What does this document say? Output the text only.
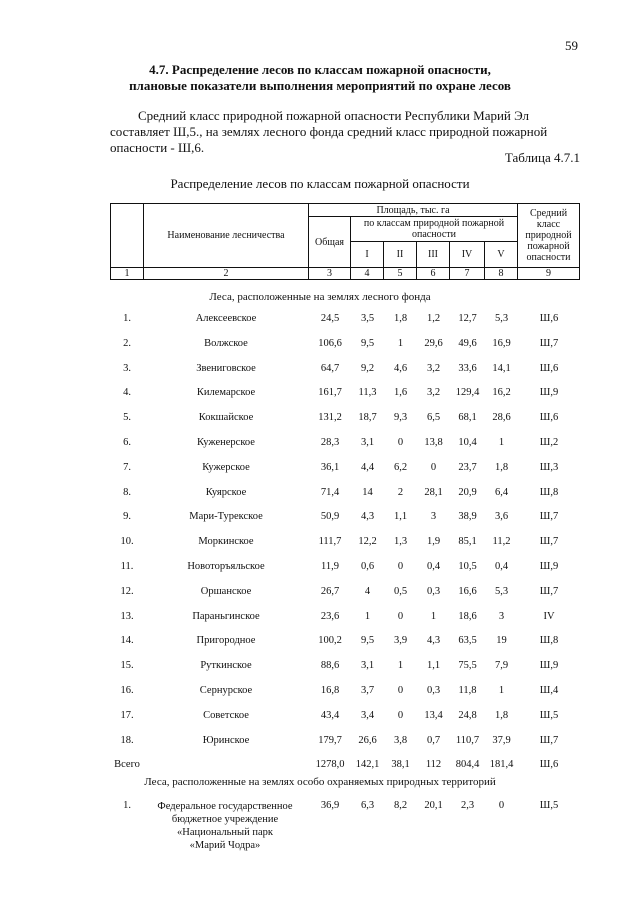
59
4.7. Распределение лесов по классам пожарной опасности,
плановые показатели выполнения мероприятий по охране лесов
Средний класс природной пожарной опасности Республики Марий Эл
составляет Ш,5., на землях лесного фонда средний класс природной пожарной
опасности - Ш,6.
Таблица 4.7.1
Распределение лесов по классам пожарной опасности
Наименование лесничества
Площадь, тыс. га
Общая
по классам природной пожарной опасности
I	II	III	IV	V
Средний класс природной пожарной опасности
1	2	3	4	5	6	7	8	9
Леса, расположенные на землях лесного фонда
1.	Алексеевское	24,5	3,5	1,8	1,2	12,7	5,3	Ш,6
2.	Волжское	106,6	9,5	1	29,6	49,6	16,9	Ш,7
3.	Звениговское	64,7	9,2	4,6	3,2	33,6	14,1	Ш,6
4.	Килемарское	161,7	11,3	1,6	3,2	129,4	16,2	Ш,9
5.	Кокшайское	131,2	18,7	9,3	6,5	68,1	28,6	Ш,6
6.	Куженерское	28,3	3,1	0	13,8	10,4	1	Ш,2
7.	Кужерское	36,1	4,4	6,2	0	23,7	1,8	Ш,3
8.	Куярское	71,4	14	2	28,1	20,9	6,4	Ш,8
9.	Мари-Турекское	50,9	4,3	1,1	3	38,9	3,6	Ш,7
10.	Моркинское	111,7	12,2	1,3	1,9	85,1	11,2	Ш,7
11.	Новоторъяльское	11,9	0,6	0	0,4	10,5	0,4	Ш,9
12.	Оршанское	26,7	4	0,5	0,3	16,6	5,3	Ш,7
13.	Параньгинское	23,6	1	0	1	18,6	3	IV
14.	Пригородное	100,2	9,5	3,9	4,3	63,5	19	Ш,8
15.	Руткинское	88,6	3,1	1	1,1	75,5	7,9	Ш,9
16.	Сернурское	16,8	3,7	0	0,3	11,8	1	Ш,4
17.	Советское	43,4	3,4	0	13,4	24,8	1,8	Ш,5
18.	Юринское	179,7	26,6	3,8	0,7	110,7	37,9	Ш,7
Всего	1278,0	142,1	38,1	112	804,4 181,4	Ш,6
Леса, расположенные на землях особо охраняемых природных территорий
1.	Федеральное государственное
бюджетное учреждение
«Национальный парк
«Марий Чодра»
36,9	6,3	8,2	20,1	2,3	0	Ш,5
